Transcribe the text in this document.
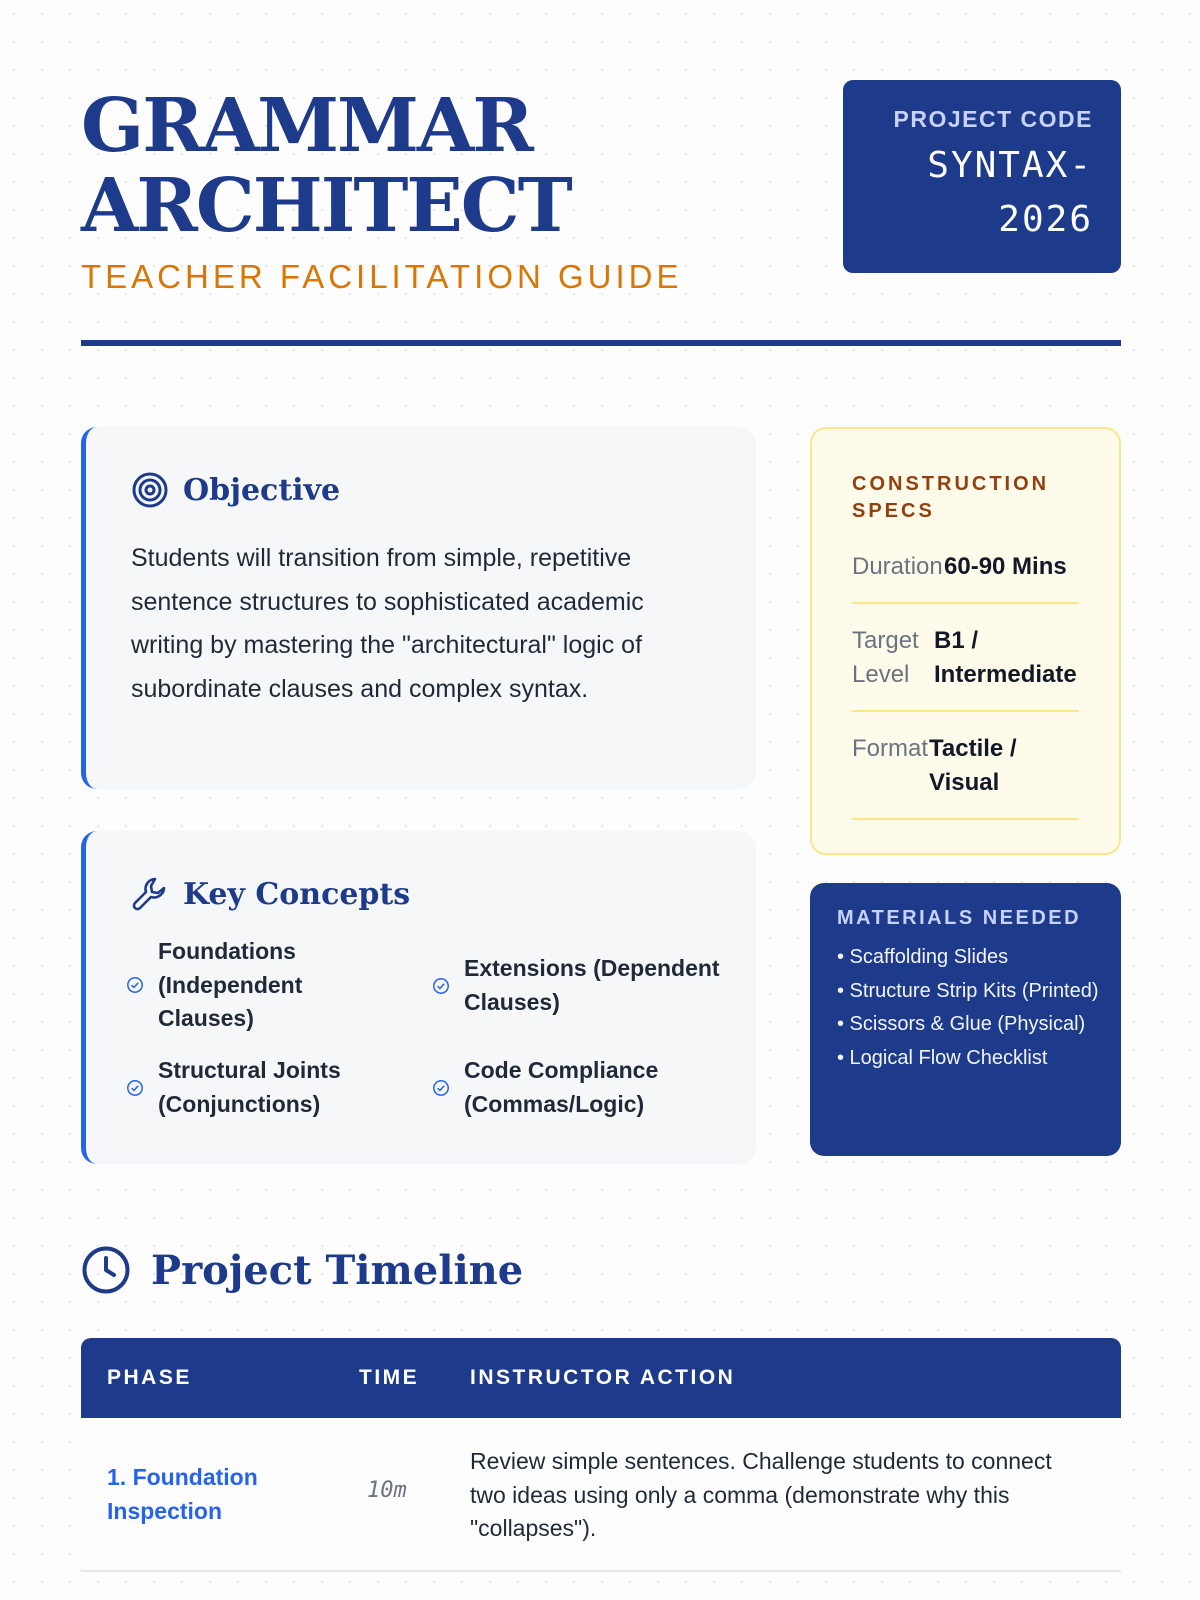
GRAMMAR
ARCHITECT
TEACHER FACILITATION GUIDE
PROJECT CODE
SYNTAX-
2026
Objective
Students will transition from simple, repetitive sentence structures to sophisticated academic writing by mastering the "architectural" logic of subordinate clauses and complex syntax.
Key Concepts
Foundations (Independent Clauses)
Extensions (Dependent Clauses)
Structural Joints (Conjunctions)
Code Compliance (Commas/Logic)
CONSTRUCTION SPECS
Duration 60-90 Mins
Target Level
B1 / Intermediate
Format Tactile / Visual
MATERIALS NEEDED
• Scaffolding Slides
• Structure Strip Kits (Printed)
• Scissors & Glue (Physical)
• Logical Flow Checklist
Project Timeline
PHASE	TIME INSTRUCTOR ACTION
1. Foundation Inspection
10m
Review simple sentences. Challenge students to connect two ideas using only a comma (demonstrate why this "collapses").
